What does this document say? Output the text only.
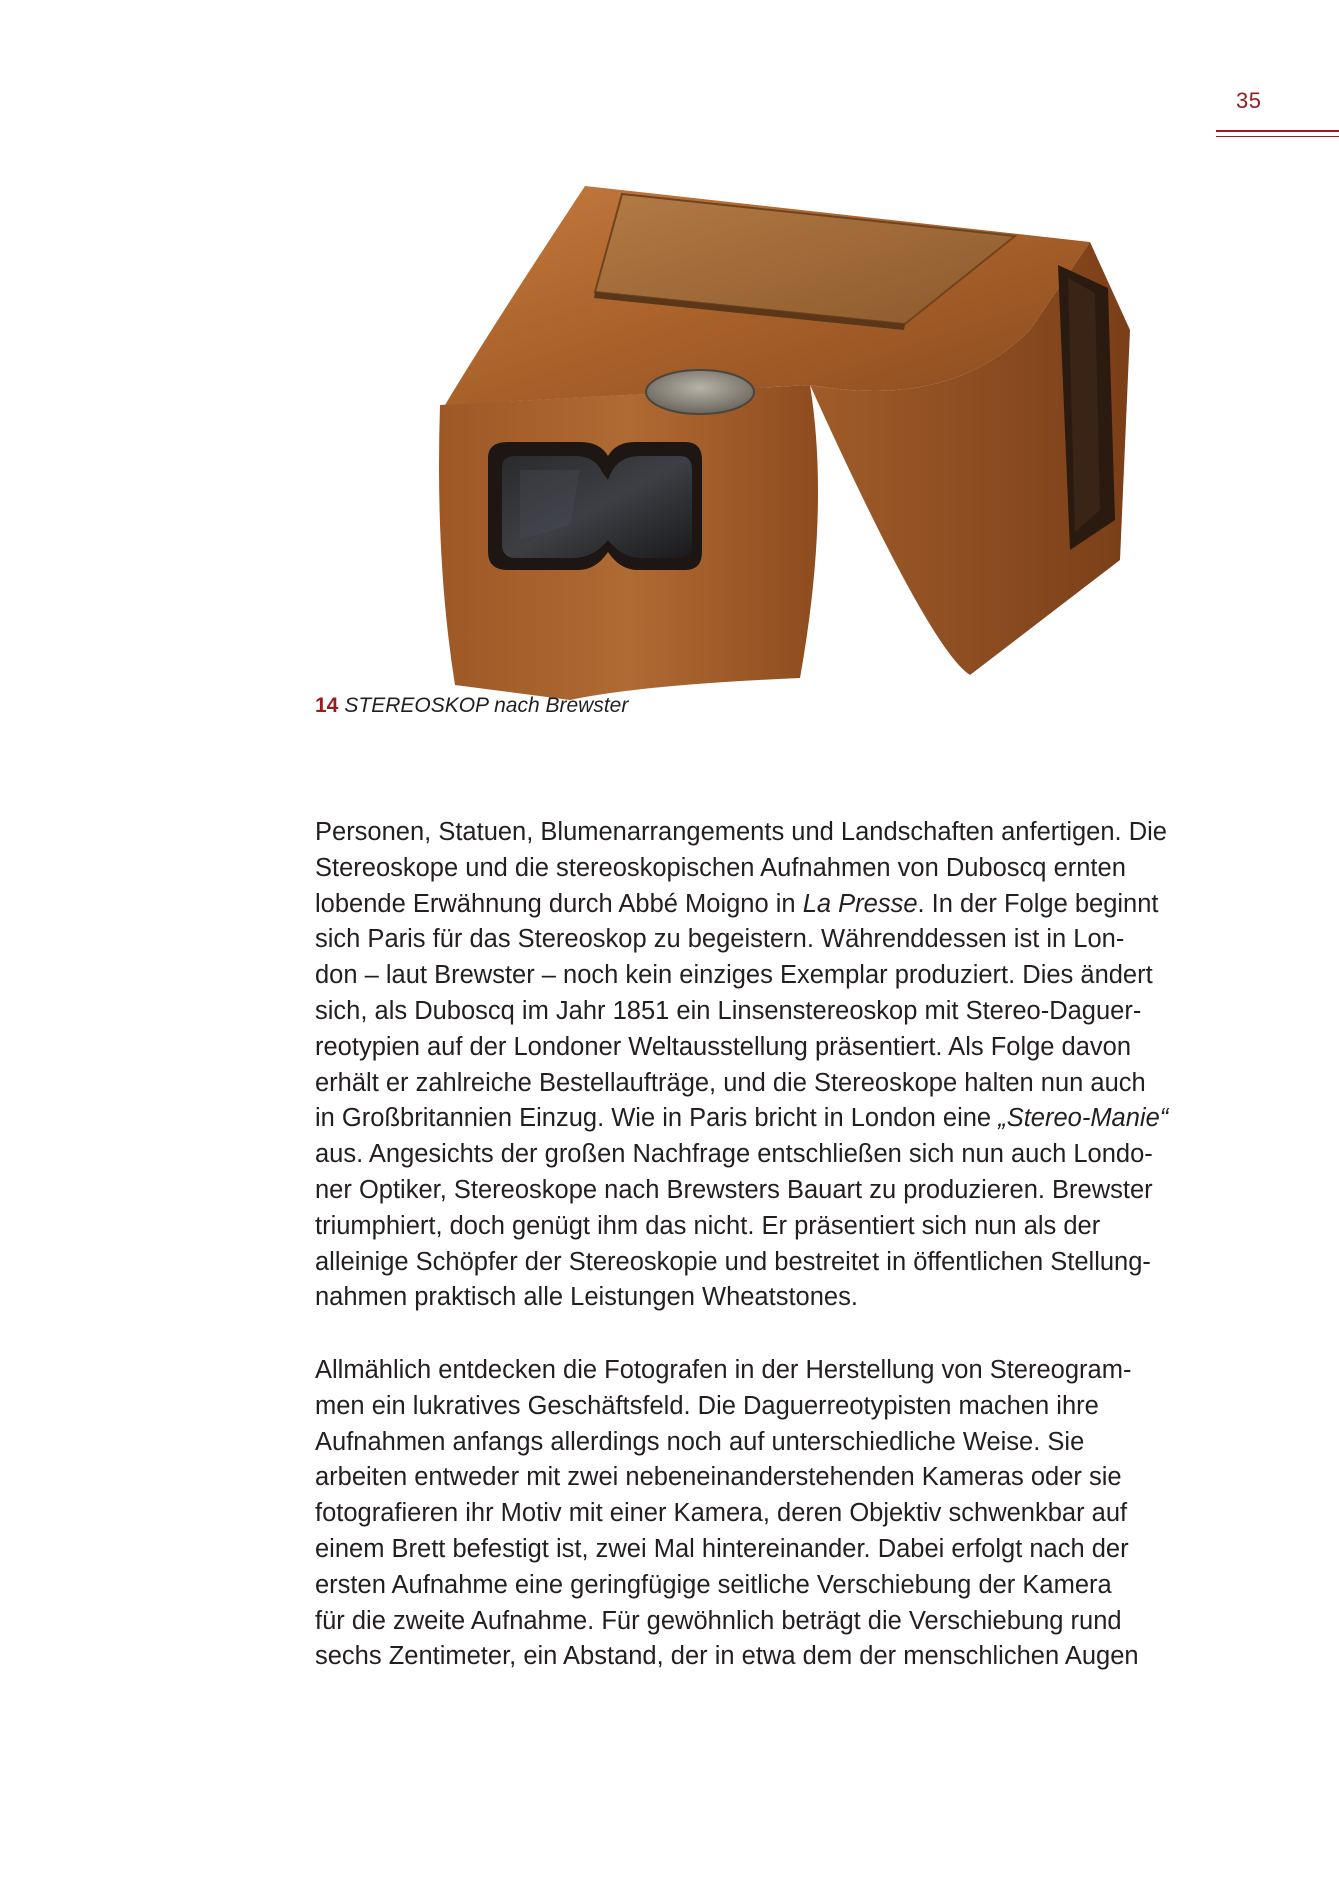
35
14 STEREOSKOP nach Brewster
Personen, Statuen, Blumenarrangements und Landschaften anfertigen. Die
Stereoskope und die stereoskopischen Aufnahmen von Duboscq ernten
lobende Erwähnung durch Abbé Moigno in La Presse. In der Folge beginnt
sich Paris für das Stereoskop zu begeistern. Währenddessen ist in Lon-
don – laut Brewster – noch kein einziges Exemplar produziert. Dies ändert
sich, als Duboscq im Jahr 1851 ein Linsenstereoskop mit Stereo-Daguer-
reotypien auf der Londoner Weltausstellung präsentiert. Als Folge davon
erhält er zahlreiche Bestellaufträge, und die Stereoskope halten nun auch
in Großbritannien Einzug. Wie in Paris bricht in London eine „Stereo-Manie“
aus. Angesichts der großen Nachfrage entschließen sich nun auch Londo-
ner Optiker, Stereoskope nach Brewsters Bauart zu produzieren. Brewster
triumphiert, doch genügt ihm das nicht. Er präsentiert sich nun als der
alleinige Schöpfer der Stereoskopie und bestreitet in öffentlichen Stellung-
nahmen praktisch alle Leistungen Wheatstones.
Allmählich entdecken die Fotografen in der Herstellung von Stereogram-
men ein lukratives Geschäftsfeld. Die Daguerreotypisten machen ihre
Aufnahmen anfangs allerdings noch auf unterschiedliche Weise. Sie
arbeiten entweder mit zwei nebeneinanderstehenden Kameras oder sie
fotografieren ihr Motiv mit einer Kamera, deren Objektiv schwenkbar auf
einem Brett befestigt ist, zwei Mal hintereinander. Dabei erfolgt nach der
ersten Aufnahme eine geringfügige seitliche Verschiebung der Kamera
für die zweite Aufnahme. Für gewöhnlich beträgt die Verschiebung rund
sechs Zentimeter, ein Abstand, der in etwa dem der menschlichen Augen
